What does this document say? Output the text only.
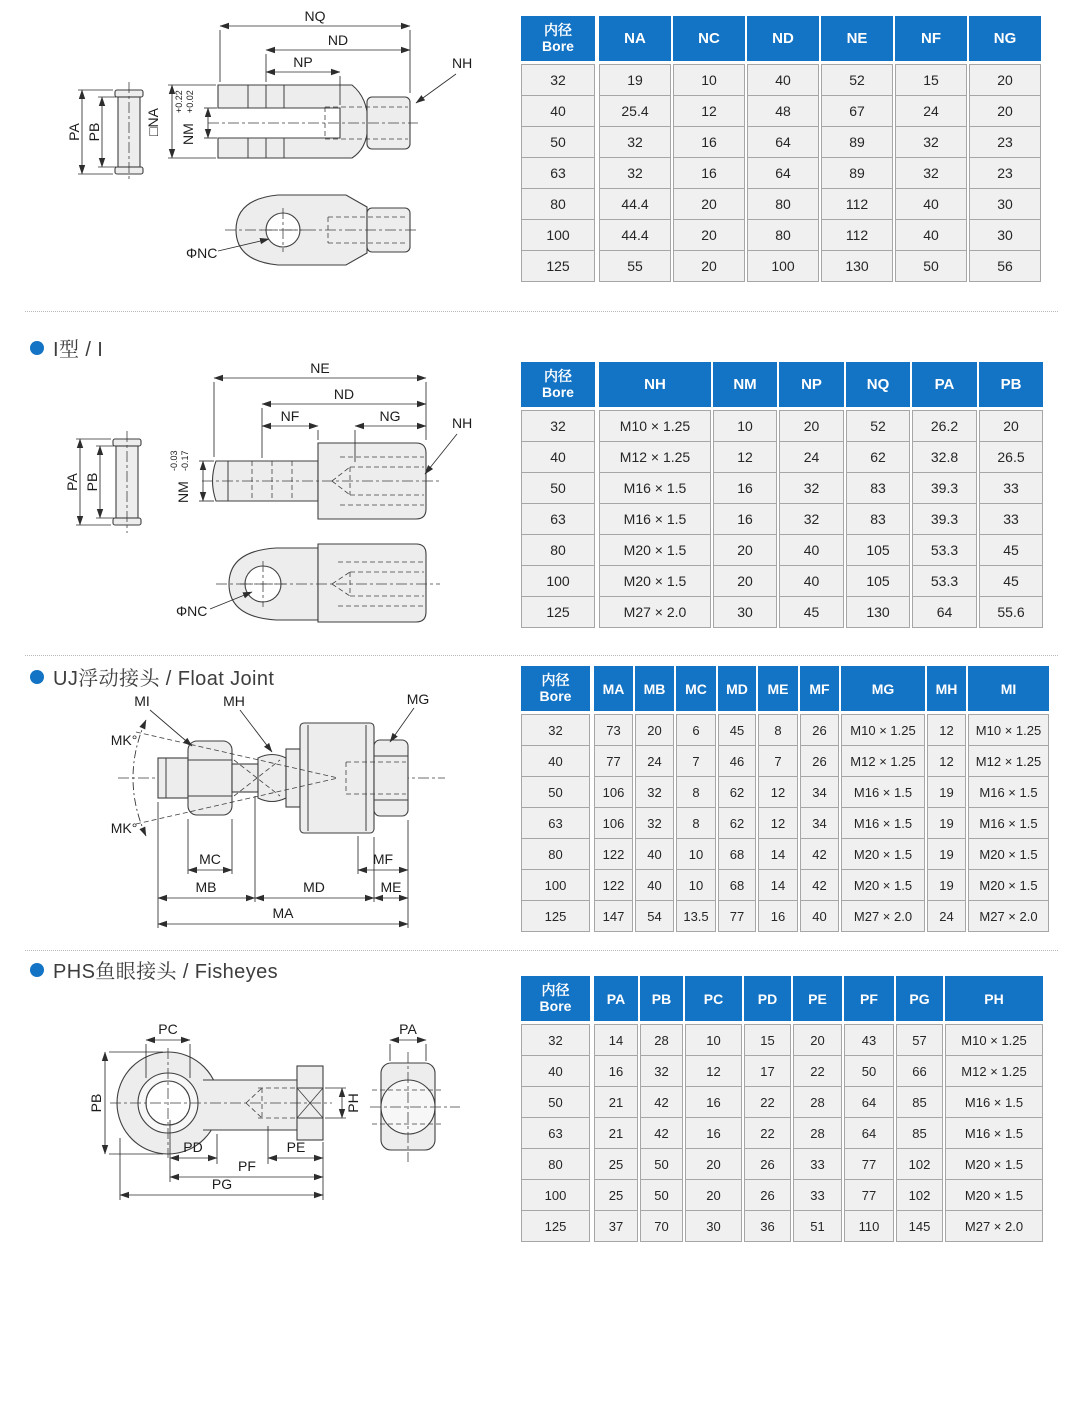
PA PB
NQ
ND
NP
□NA NM
+0.22 +0.02
NH
ΦNC
内径
Bore		NA	NC	ND	NE	NF	NG
32		19	10	40	52	15	20
40		25.4	12	48	67	24	20
50		32	16	64	89	32	23
63		32	16	64	89	32	23
80		44.4	20	80	112	40	30
100		44.4	20	80	112	40	30
125		55	20	100	130	50	56
I型 / I
PA PB
NE
ND
NF	NG
NM
-0.03 -0.17
NH
ΦNC
内径
Bore		NH	NM	NP	NQ	PA	PB
32		M10 × 1.25	10	20	52	26.2	20
40		M12 × 1.25	12	24	62	32.8	26.5
50		M16 × 1.5	16	32	83	39.3	33
63		M16 × 1.5	16	32	83	39.3	33
80		M20 × 1.5	20	40	105	53.3	45
100		M20 × 1.5	20	40	105	53.3	45
125		M27 × 2.0	30	45	130	64	55.6
UJ浮动接头 / Float Joint
MI	MH	MG
MK°
MK°
MC	MF
MB	MD	ME
MA
内径
Bore		MA	MB	MC	MD	ME	MF	MG	MH	MI
32		73	20	6	45	8	26	M10 × 1.25	12	M10 × 1.25
40		77	24	7	46	7	26	M12 × 1.25	12	M12 × 1.25
50		106	32	8	62	12	34	M16 × 1.5	19	M16 × 1.5
63		106	32	8	62	12	34	M16 × 1.5	19	M16 × 1.5
80		122	40	10	68	14	42	M20 × 1.5	19	M20 × 1.5
100		122	40	10	68	14	42	M20 × 1.5	19	M20 × 1.5
125		147	54	13.5	77	16	40	M27 × 2.0	24	M27 × 2.0
PHS鱼眼接头 / Fisheyes
PC
PB	PH
PD	PE
PF
PG
PA
内径
Bore		PA	PB	PC	PD	PE	PF	PG	PH
32		14	28	10	15	20	43	57	M10 × 1.25
40		16	32	12	17	22	50	66	M12 × 1.25
50		21	42	16	22	28	64	85	M16 × 1.5
63		21	42	16	22	28	64	85	M16 × 1.5
80		25	50	20	26	33	77	102	M20 × 1.5
100		25	50	20	26	33	77	102	M20 × 1.5
125		37	70	30	36	51	110	145	M27 × 2.0
